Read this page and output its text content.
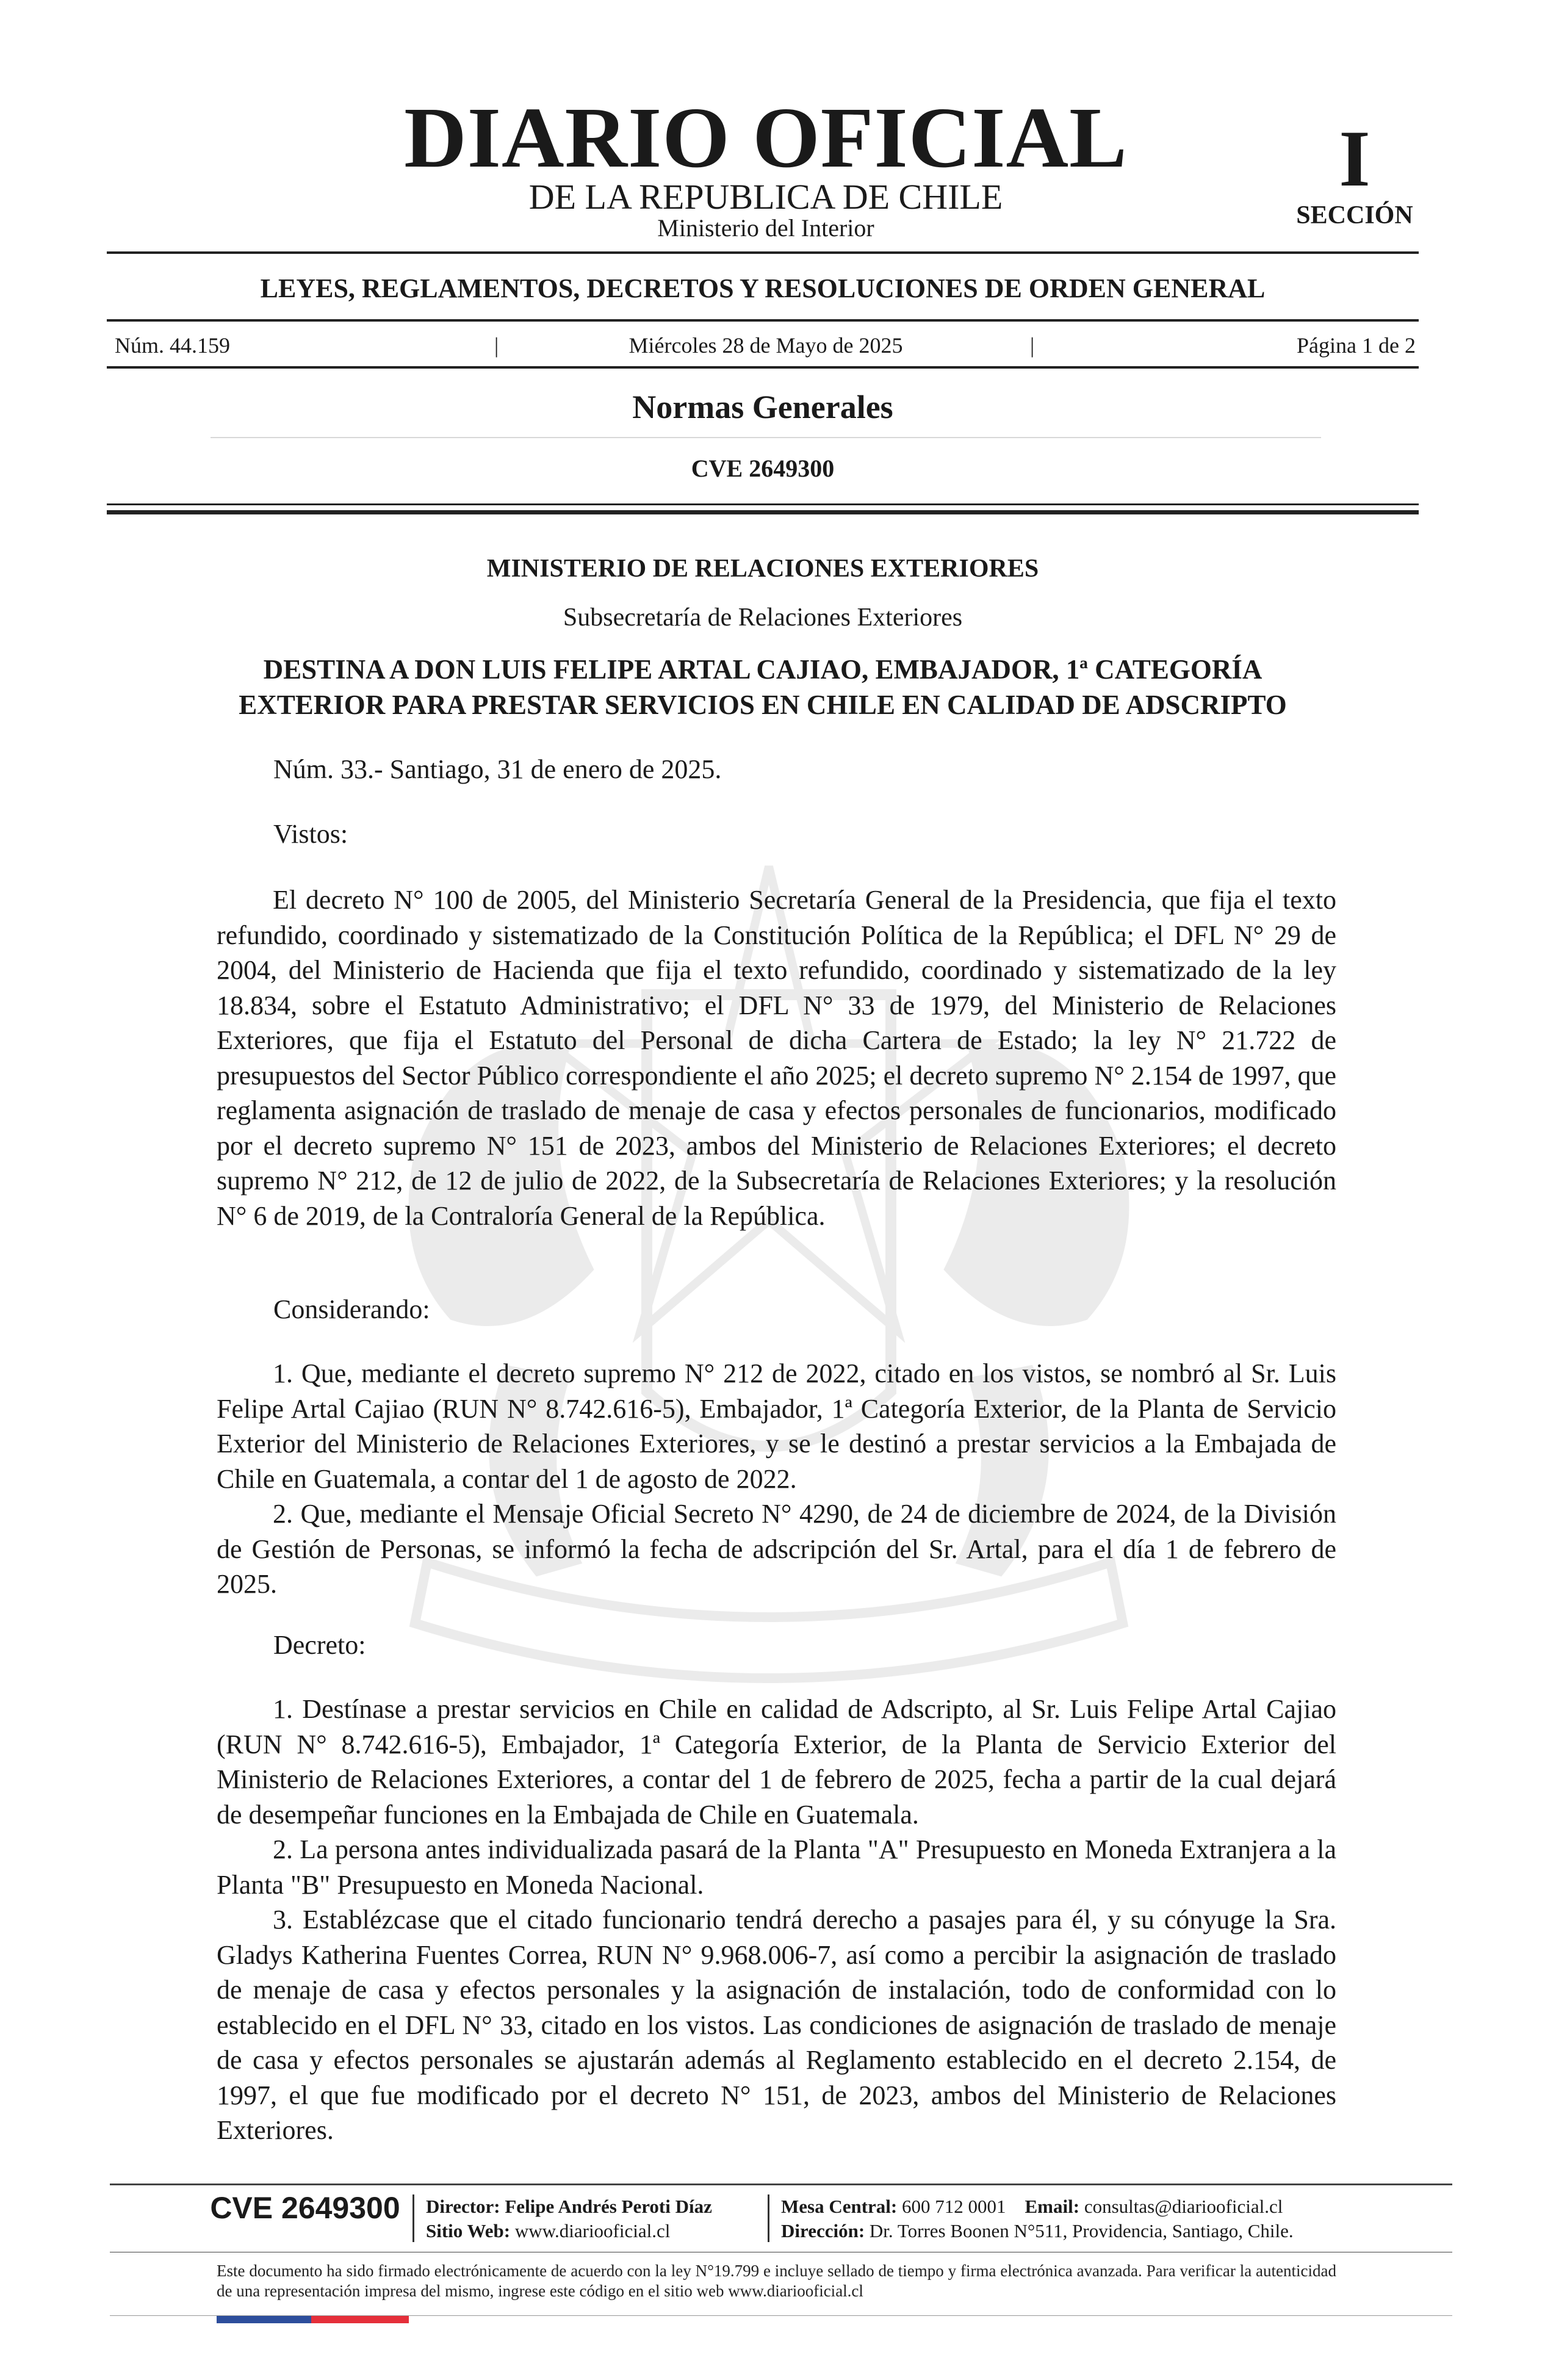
DIARIO OFICIAL
DE LA REPUBLICA DE CHILE
Ministerio del Interior
I
SECCIÓN
LEYES, REGLAMENTOS, DECRETOS Y RESOLUCIONES DE ORDEN GENERAL
Núm. 44.159	|	Miércoles 28 de Mayo de 2025	|	Página 1 de 2
Normas Generales
CVE 2649300
MINISTERIO DE RELACIONES EXTERIORES
Subsecretaría de Relaciones Exteriores
DESTINA A DON LUIS FELIPE ARTAL CAJIAO, EMBAJADOR, 1ª CATEGORÍA
EXTERIOR PARA PRESTAR SERVICIOS EN CHILE EN CALIDAD DE ADSCRIPTO
Núm. 33.- Santiago, 31 de enero de 2025.
Vistos:
El decreto N° 100 de 2005, del Ministerio Secretaría General de la Presidencia, que fija el texto refundido, coordinado y sistematizado de la Constitución Política de la República; el DFL N° 29 de 2004, del Ministerio de Hacienda que fija el texto refundido, coordinado y sistematizado de la ley 18.834, sobre el Estatuto Administrativo; el DFL N° 33 de 1979, del Ministerio de Relaciones Exteriores, que fija el Estatuto del Personal de dicha Cartera de Estado; la ley N° 21.722 de presupuestos del Sector Público correspondiente el año 2025; el decreto supremo N° 2.154 de 1997, que reglamenta asignación de traslado de menaje de casa y efectos personales de funcionarios, modificado por el decreto supremo N° 151 de 2023, ambos del Ministerio de Relaciones Exteriores; el decreto supremo N° 212, de 12 de julio de 2022, de la Subsecretaría de Relaciones Exteriores; y la resolución N° 6 de 2019, de la Contraloría General de la República.
Considerando:
1. Que, mediante el decreto supremo N° 212 de 2022, citado en los vistos, se nombró al Sr. Luis Felipe Artal Cajiao (RUN N° 8.742.616-5), Embajador, 1ª Categoría Exterior, de la Planta de Servicio Exterior del Ministerio de Relaciones Exteriores, y se le destinó a prestar servicios a la Embajada de Chile en Guatemala, a contar del 1 de agosto de 2022.
2. Que, mediante el Mensaje Oficial Secreto N° 4290, de 24 de diciembre de 2024, de la División de Gestión de Personas, se informó la fecha de adscripción del Sr. Artal, para el día 1 de febrero de 2025.
Decreto:
1. Destínase a prestar servicios en Chile en calidad de Adscripto, al Sr. Luis Felipe Artal Cajiao (RUN N° 8.742.616-5), Embajador, 1ª Categoría Exterior, de la Planta de Servicio Exterior del Ministerio de Relaciones Exteriores, a contar del 1 de febrero de 2025, fecha a partir de la cual dejará de desempeñar funciones en la Embajada de Chile en Guatemala.
2. La persona antes individualizada pasará de la Planta "A" Presupuesto en Moneda Extranjera a la Planta "B" Presupuesto en Moneda Nacional.
3. Establézcase que el citado funcionario tendrá derecho a pasajes para él, y su cónyuge la Sra. Gladys Katherina Fuentes Correa, RUN N° 9.968.006-7, así como a percibir la asignación de traslado de menaje de casa y efectos personales y la asignación de instalación, todo de conformidad con lo establecido en el DFL N° 33, citado en los vistos. Las condiciones de asignación de traslado de menaje de casa y efectos personales se ajustarán además al Reglamento establecido en el decreto 2.154, de 1997, el que fue modificado por el decreto N° 151, de 2023, ambos del Ministerio de Relaciones Exteriores.
CVE 2649300	Director: Felipe Andrés Peroti Díaz
Sitio Web: www.diariooficial.cl
Mesa Central: 600 712 0001 Email: consultas@diariooficial.cl
Dirección: Dr. Torres Boonen N°511, Providencia, Santiago, Chile.
Este documento ha sido firmado electrónicamente de acuerdo con la ley N°19.799 e incluye sellado de tiempo y firma electrónica avanzada. Para verificar la autenticidad de una representación impresa del mismo, ingrese este código en el sitio web www.diariooficial.cl
